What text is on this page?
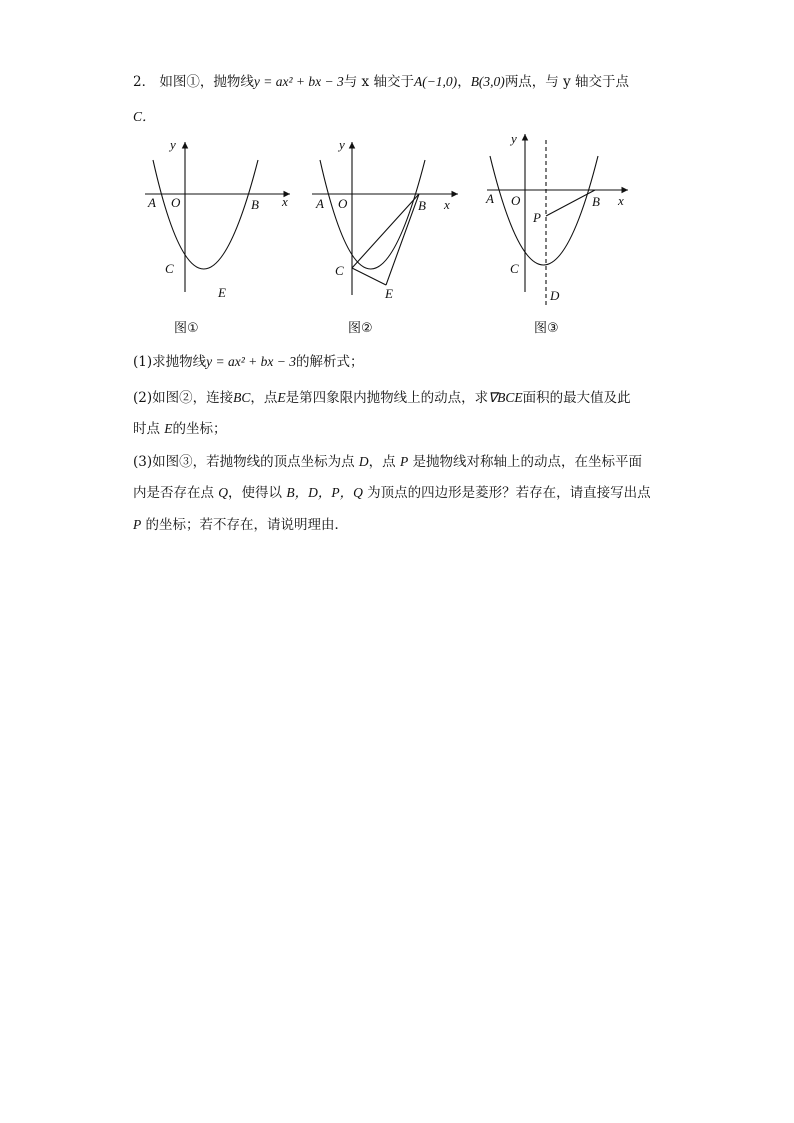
2． 如图①，抛物线y = ax² + bx − 3与 x 轴交于A(−1,0)，B(3,0)两点，与 y 轴交于点
C．
y
x
A O	B
C
E
图①
y
x
A O	B
C
E
图②
y
x
A O	B
P
C
D
图③
(1)求抛物线y = ax² + bx − 3的解析式；
(2)如图②，连接BC，点E是第四象限内抛物线上的动点，求∇BCE面积的最大值及此
时点 E的坐标；
(3)如图③，若抛物线的顶点坐标为点 D，点 P 是抛物线对称轴上的动点，在坐标平面
内是否存在点 Q，使得以 B，D，P，Q 为顶点的四边形是菱形？若存在，请直接写出点
P 的坐标；若不存在，请说明理由．
